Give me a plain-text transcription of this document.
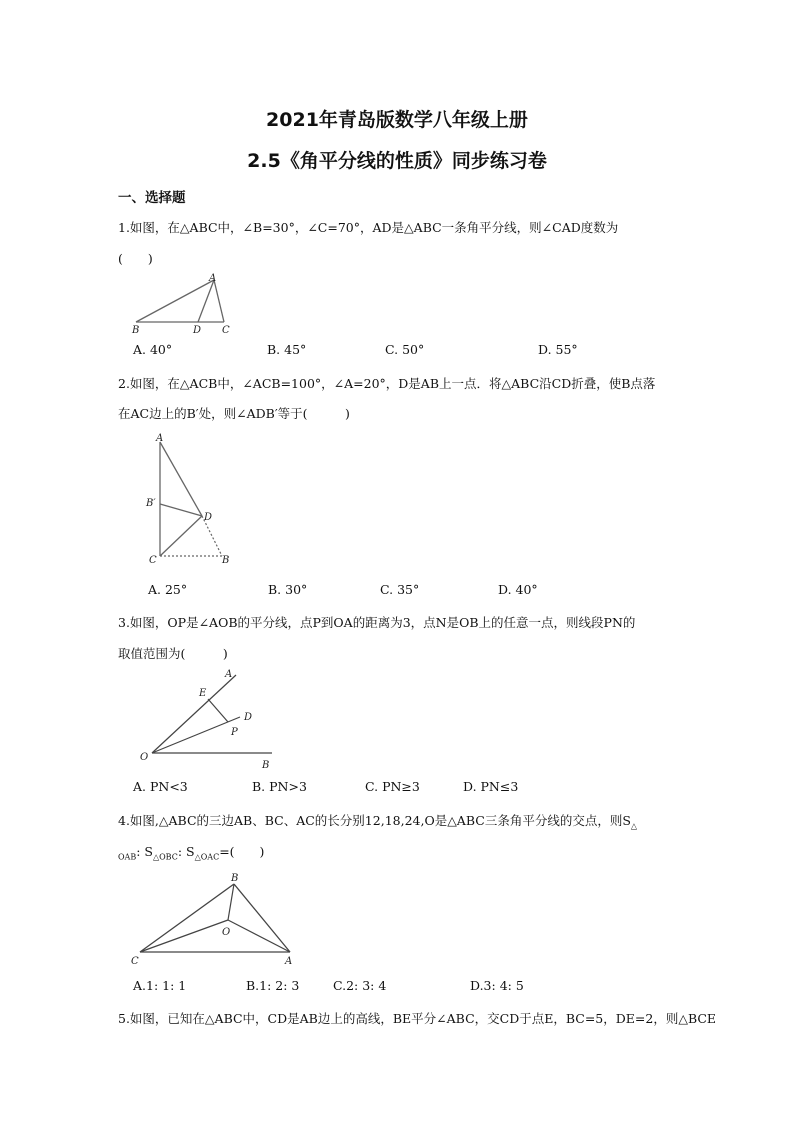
2021年青岛版数学八年级上册
2.5《角平分线的性质》同步练习卷
一、选择题
1.如图，在△ABC中，∠B=30°，∠C=70°，AD是△ABC一条角平分线，则∠CAD度数为
(　　)
A
B	D C
A. 40°	B. 45°	C. 50°	D. 55°
2.如图，在△ACB中，∠ACB=100°，∠A=20°，D是AB上一点．将△ABC沿CD折叠，使B点落
在AC边上的B′处，则∠ADB′等于(　　　)
A
B′
D
C	B
A. 25°	B. 30°	C. 35°	D. 40°
3.如图，OP是∠AOB的平分线，点P到OA的距离为3，点N是OB上的任意一点，则线段PN的
取值范围为(　　　)
A
E
D
P
O
B
A. PN<3	B. PN>3	C. PN≥3	D. PN≤3
4.如图,△ABC的三边AB、BC、AC的长分别12,18,24,O是△ABC三条角平分线的交点，则$S_\triangle$
$_{OAB}$: $S_{\triangle OBC}$: $S_{\triangle OAC}=$(　　)
B
O
C	A
A.1: 1: 1	B.1: 2: 3	C.2: 3: 4	D.3: 4: 5
5.如图，已知在△ABC中，CD是AB边上的高线，BE平分∠ABC，交CD于点E，BC=5，DE=2，则△BCE
